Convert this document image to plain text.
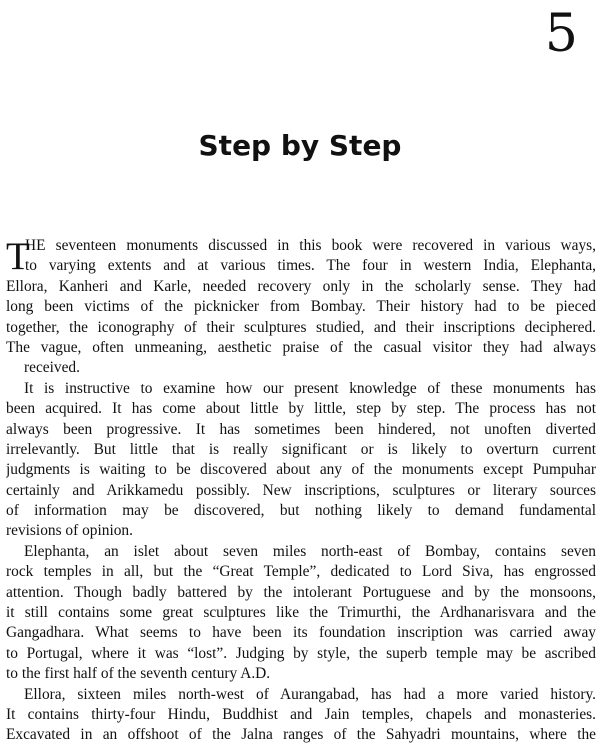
5
Step by Step
T
HE seventeen monuments discussed in this book were recovered in various ways,
to varying extents and at various times. The four in western India, Elephanta,
Ellora, Kanheri and Karle, needed recovery only in the scholarly sense. They had
long been victims of the picknicker from Bombay. Their history had to be pieced
together, the iconography of their sculptures studied, and their inscriptions deciphered.
The vague, often unmeaning, aesthetic praise of the casual visitor they had always
received.
It is instructive to examine how our present knowledge of these monuments has
been acquired. It has come about little by little, step by step. The process has not
always been progressive. It has sometimes been hindered, not unoften diverted
irrelevantly. But little that is really significant or is likely to overturn current
judgments is waiting to be discovered about any of the monuments except Pumpuhar
certainly and Arikkamedu possibly. New inscriptions, sculptures or literary sources
of information may be discovered, but nothing likely to demand fundamental
revisions of opinion.
Elephanta, an islet about seven miles north-east of Bombay, contains seven
rock temples in all, but the “Great Temple”, dedicated to Lord Siva, has engrossed
attention. Though badly battered by the intolerant Portuguese and by the monsoons,
it still contains some great sculptures like the Trimurthi, the Ardhanarisvara and the
Gangadhara. What seems to have been its foundation inscription was carried away
to Portugal, where it was “lost”. Judging by style, the superb temple may be ascribed
to the first half of the seventh century A.D.
Ellora, sixteen miles north-west of Aurangabad, has had a more varied history.
It contains thirty-four Hindu, Buddhist and Jain temples, chapels and monasteries.
Excavated in an offshoot of the Jalna ranges of the Sahyadri mountains, where the
